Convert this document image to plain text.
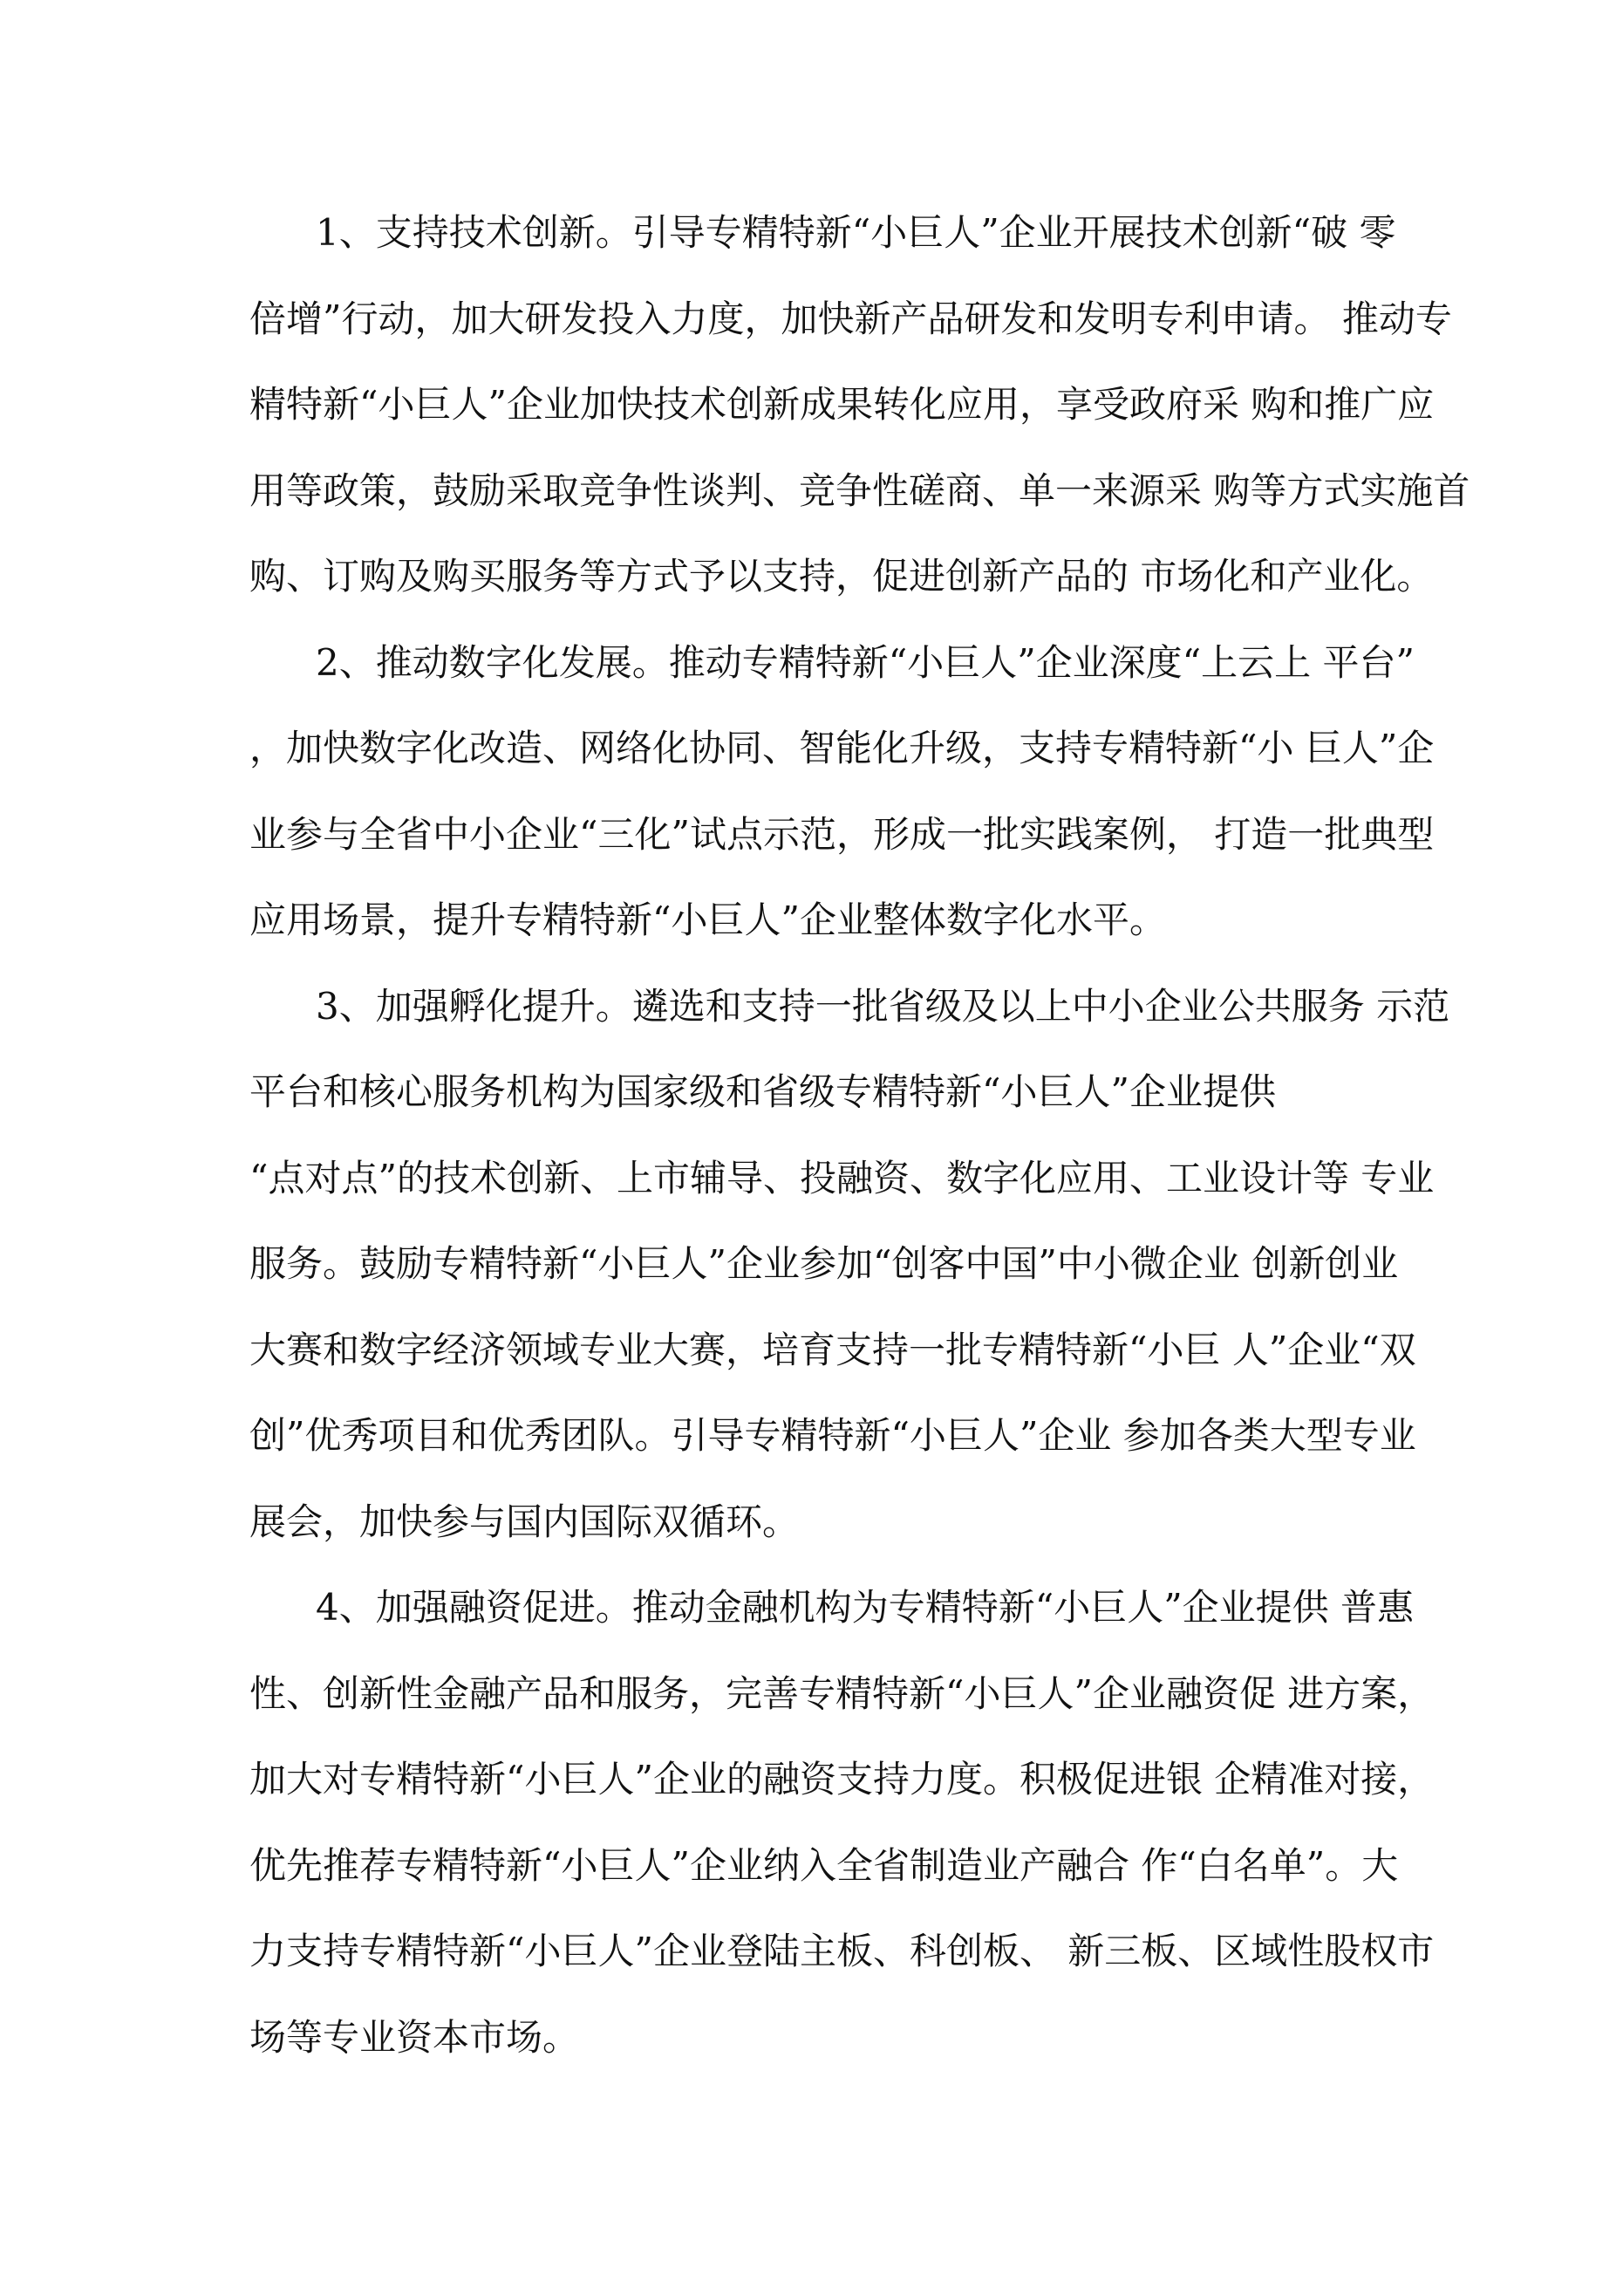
1、支持技术创新。引导专精特新“小巨人”企业开展技术创新“破 零
倍增”行动，加大研发投入力度，加快新产品研发和发明专利申请。 推动专
精特新“小巨人”企业加快技术创新成果转化应用，享受政府采 购和推广应
用等政策，鼓励采取竞争性谈判、竞争性磋商、单一来源采 购等方式实施首
购、订购及购买服务等方式予以支持，促进创新产品的 市场化和产业化。
2、推动数字化发展。推动专精特新“小巨人”企业深度“上云上 平台”
，加快数字化改造、网络化协同、智能化升级，支持专精特新“小 巨人”企
业参与全省中小企业“三化”试点示范，形成一批实践案例， 打造一批典型
应用场景，提升专精特新“小巨人”企业整体数字化水平。
3、加强孵化提升。遴选和支持一批省级及以上中小企业公共服务 示范
平台和核心服务机构为国家级和省级专精特新“小巨人”企业提供
“点对点”的技术创新、上市辅导、投融资、数字化应用、工业设计等 专业
服务。鼓励专精特新“小巨人”企业参加“创客中国”中小微企业 创新创业
大赛和数字经济领域专业大赛，培育支持一批专精特新“小巨 人”企业“双
创”优秀项目和优秀团队。引导专精特新“小巨人”企业 参加各类大型专业
展会，加快参与国内国际双循环。
4、加强融资促进。推动金融机构为专精特新“小巨人”企业提供 普惠
性、创新性金融产品和服务，完善专精特新“小巨人”企业融资促 进方案，
加大对专精特新“小巨人”企业的融资支持力度。积极促进银 企精准对接，
优先推荐专精特新“小巨人”企业纳入全省制造业产融合 作“白名单”。大
力支持专精特新“小巨人”企业登陆主板、科创板、 新三板、区域性股权市
场等专业资本市场。
